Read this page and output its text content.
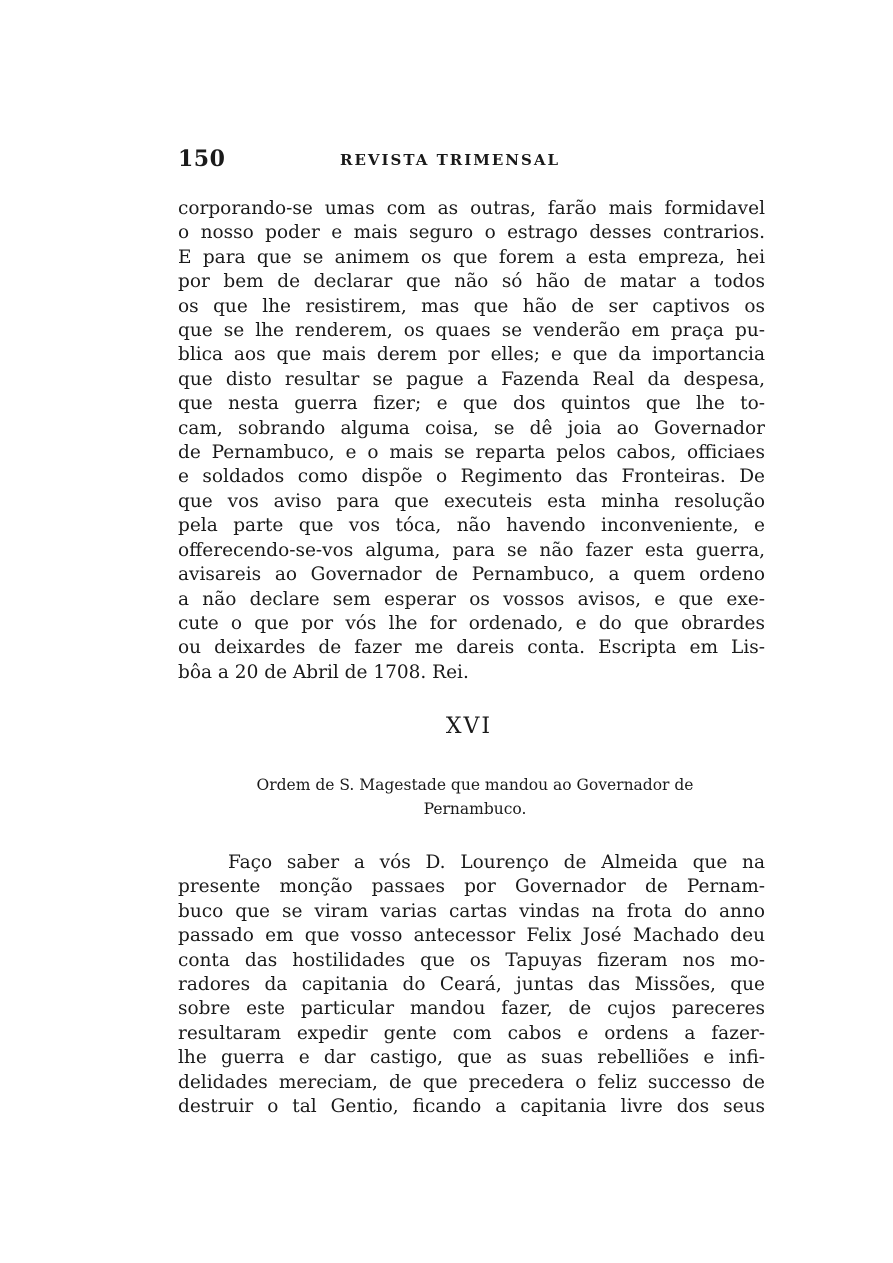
150	REVISTA TRIMENSAL
corporando-se umas com as outras, farão mais formidavel
o nosso poder e mais seguro o estrago desses contrarios.
E para que se animem os que forem a esta empreza, hei
por bem de declarar que não só hão de matar a todos
os que lhe resistirem, mas que hão de ser captivos os
que se lhe renderem, os quaes se venderão em praça pu-
blica aos que mais derem por elles; e que da importancia
que disto resultar se pague a Fazenda Real da despesa,
que nesta guerra fizer; e que dos quintos que lhe to-
cam, sobrando alguma coisa, se dê joia ao Governador
de Pernambuco, e o mais se reparta pelos cabos, officiaes
e soldados como dispõe o Regimento das Fronteiras. De
que vos aviso para que executeis esta minha resolução
pela parte que vos tóca, não havendo inconveniente, e
offerecendo-se-vos alguma, para se não fazer esta guerra,
avisareis ao Governador de Pernambuco, a quem ordeno
a não declare sem esperar os vossos avisos, e que exe-
cute o que por vós lhe for ordenado, e do que obrardes
ou deixardes de fazer me dareis conta. Escripta em Lis-
bôa a 20 de Abril de 1708. Rei.
XVI
Ordem de S. Magestade que mandou ao Governador de
Pernambuco.
Faço saber a vós D. Lourenço de Almeida que na
presente monção passaes por Governador de Pernam-
buco que se viram varias cartas vindas na frota do anno
passado em que vosso antecessor Felix José Machado deu
conta das hostilidades que os Tapuyas fizeram nos mo-
radores da capitania do Ceará, juntas das Missões, que
sobre este particular mandou fazer, de cujos pareceres
resultaram expedir gente com cabos e ordens a fazer-
lhe guerra e dar castigo, que as suas rebelliões e infi-
delidades mereciam, de que precedera o feliz successo de
destruir o tal Gentio, ficando a capitania livre dos seus
